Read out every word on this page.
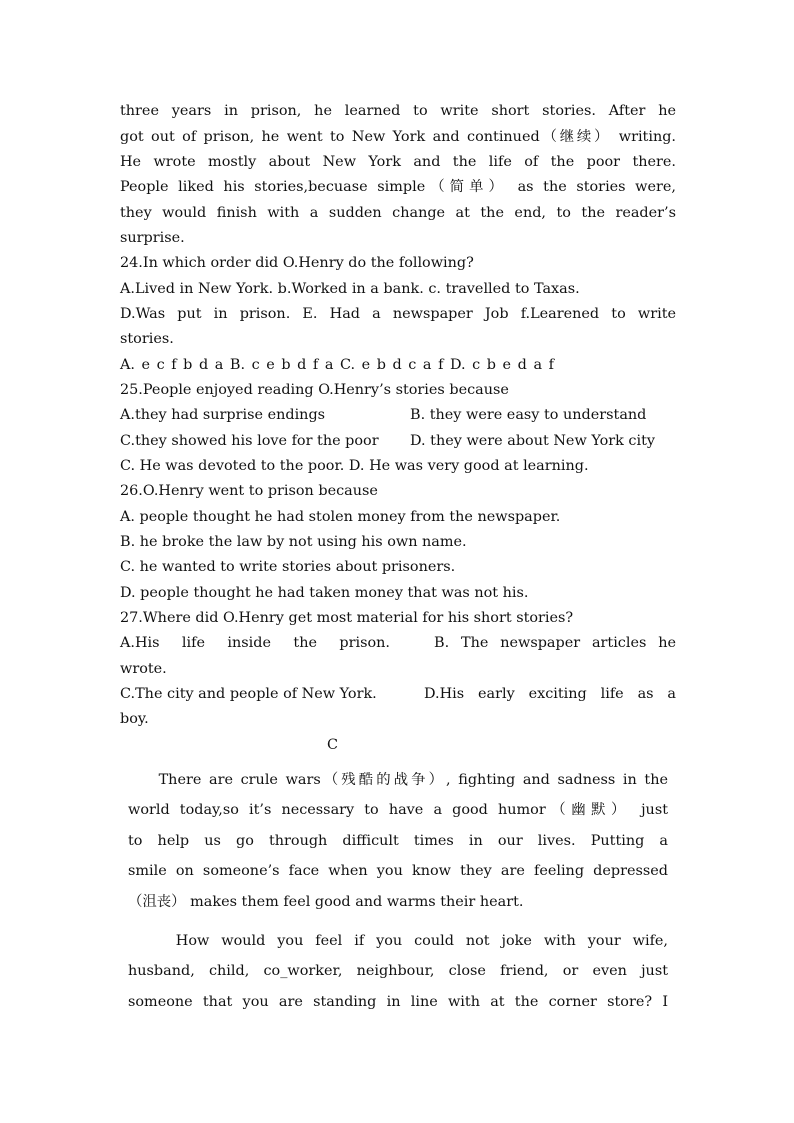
three years in prison, he learned to write short stories. After he
got out of prison, he went to New York and continued（继续） writing.
He wrote mostly about New York and the life of the poor there.
People liked his stories,becuase simple（简单） as the stories were,
they would finish with a sudden change at the end, to the reader’s
surprise.
24.In which order did O.Henry do the following?
A.Lived in New York. b.Worked in a bank. c. travelled to Taxas.
D.Was put in prison. E. Had a newspaper Job f.Learened to write
stories.
A. e c f b d a B. c e b d f a C. e b d c a f D. c b e d a f
25.People enjoyed reading O.Henry’s stories because
A.they had surprise endings	B. they were easy to understand
C.they showed his love for the poor D. they were about New York city
C. He was devoted to the poor. D. He was very good at learning.
26.O.Henry went to prison because
A. people thought he had stolen money from the newspaper.
B. he broke the law by not using his own name.
C. he wanted to write stories about prisoners.
D. people thought he had taken money that was not his.
27.Where did O.Henry get most material for his short stories?
A.His life inside the prison.	B. The newspaper articles he
wrote.
C.The city and people of New York.	D.His early exciting life as a
boy.
C
There are crule wars（残酷的战争）, fighting and sadness in the
world today,so it’s necessary to have a good humor（幽默） just
to help us go through difficult times in our lives. Putting a
smile on someone’s face when you know they are feeling depressed
（沮丧） makes them feel good and warms their heart.
How would you feel if you could not joke with your wife,
husband, child, co_worker, neighbour, close friend, or even just
someone that you are standing in line with at the corner store? I
